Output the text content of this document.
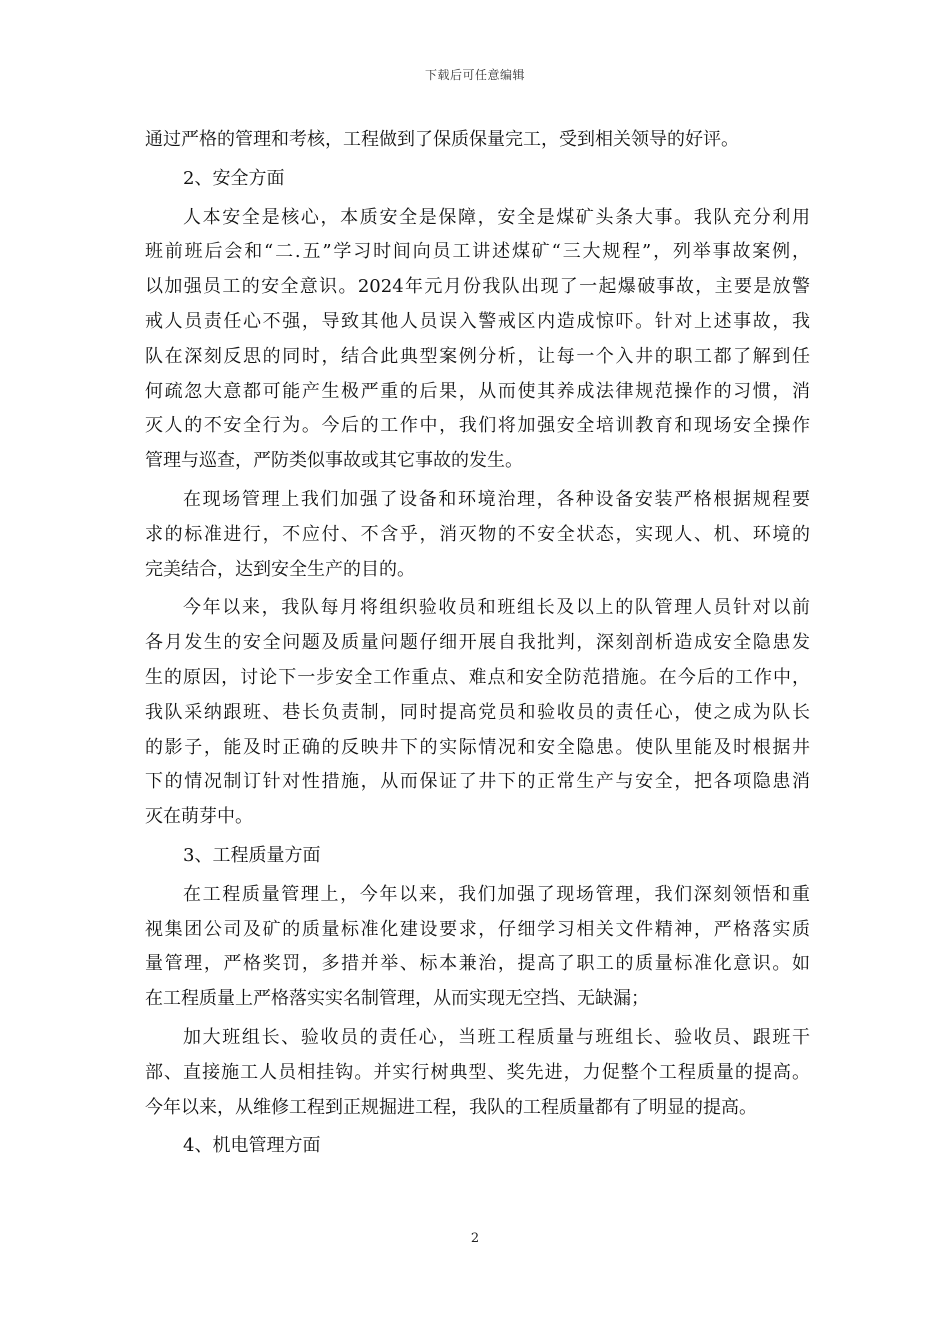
下载后可任意编辑
通过严格的管理和考核，工程做到了保质保量完工，受到相关领导的好评。
2、安全方面
人本安全是核心，本质安全是保障，安全是煤矿头条大事。我队充分利用
班前班后会和“二.五”学习时间向员工讲述煤矿“三大规程”，列举事故案例，
以加强员工的安全意识。2024年元月份我队出现了一起爆破事故，主要是放警
戒人员责任心不强，导致其他人员误入警戒区内造成惊吓。针对上述事故，我
队在深刻反思的同时，结合此典型案例分析，让每一个入井的职工都了解到任
何疏忽大意都可能产生极严重的后果，从而使其养成法律规范操作的习惯，消
灭人的不安全行为。今后的工作中，我们将加强安全培训教育和现场安全操作
管理与巡查，严防类似事故或其它事故的发生。
在现场管理上我们加强了设备和环境治理，各种设备安装严格根据规程要
求的标准进行，不应付、不含乎，消灭物的不安全状态，实现人、机、环境的
完美结合，达到安全生产的目的。
今年以来，我队每月将组织验收员和班组长及以上的队管理人员针对以前
各月发生的安全问题及质量问题仔细开展自我批判，深刻剖析造成安全隐患发
生的原因，讨论下一步安全工作重点、难点和安全防范措施。在今后的工作中，
我队采纳跟班、巷长负责制，同时提高党员和验收员的责任心，使之成为队长
的影子，能及时正确的反映井下的实际情况和安全隐患。使队里能及时根据井
下的情况制订针对性措施，从而保证了井下的正常生产与安全，把各项隐患消
灭在萌芽中。
3、工程质量方面
在工程质量管理上，今年以来，我们加强了现场管理，我们深刻领悟和重
视集团公司及矿的质量标准化建设要求，仔细学习相关文件精神，严格落实质
量管理，严格奖罚，多措并举、标本兼治，提高了职工的质量标准化意识。如
在工程质量上严格落实实名制管理，从而实现无空挡、无缺漏；
加大班组长、验收员的责任心，当班工程质量与班组长、验收员、跟班干
部、直接施工人员相挂钩。并实行树典型、奖先进，力促整个工程质量的提高。
今年以来，从维修工程到正规掘进工程，我队的工程质量都有了明显的提高。
4、机电管理方面
2
